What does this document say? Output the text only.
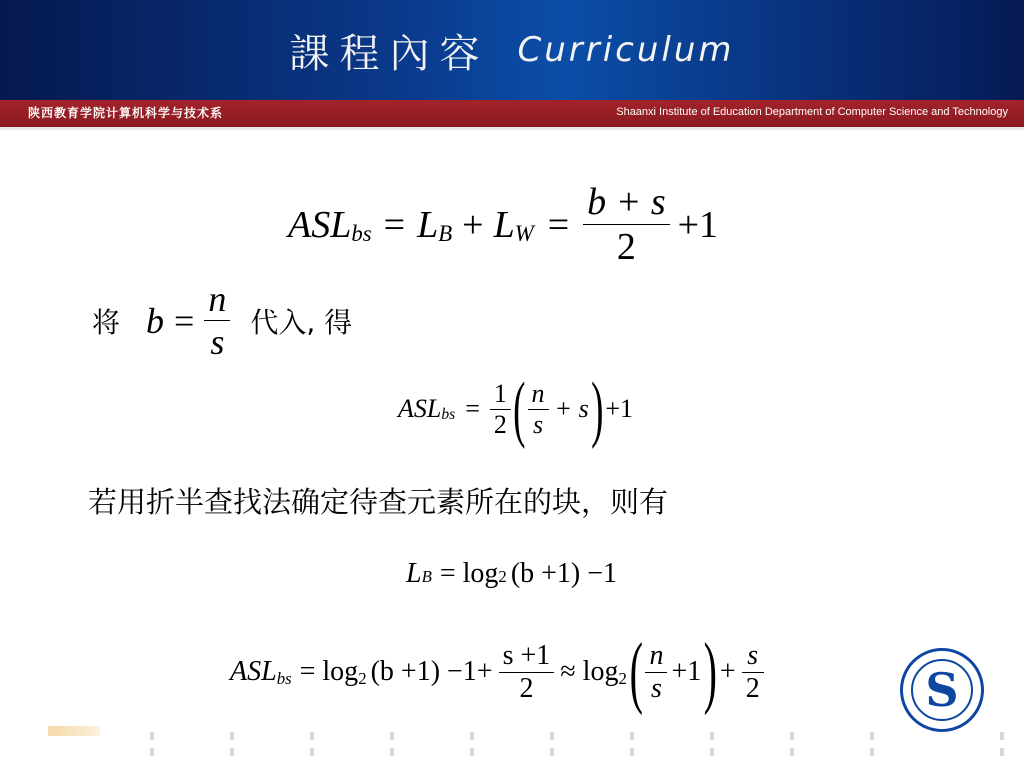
課程內容 Curriculum
陕西教育学院计算机科学与技术系	Shaanxi Institute of Education Department of Computer Science and Technology
$ASL_{bs} = L_B + L_W = \frac{b + s}{2} +1$
将 $b = \frac{n}{s}$ 代入, 得
$ASL_{bs} = \frac{1}{2}$ ( $\frac{n}{s} + s$ ) +1
若用折半查找法确定待查元素所在的块，则有
L B = log 2 (b +1) −1
$ASL_{bs} = \log_2 (b +1) -1+ \frac{s +1}{2} \approx \log_2$ ( $\frac{n}{s} +1$ ) + $\frac{s}{2}$	S
